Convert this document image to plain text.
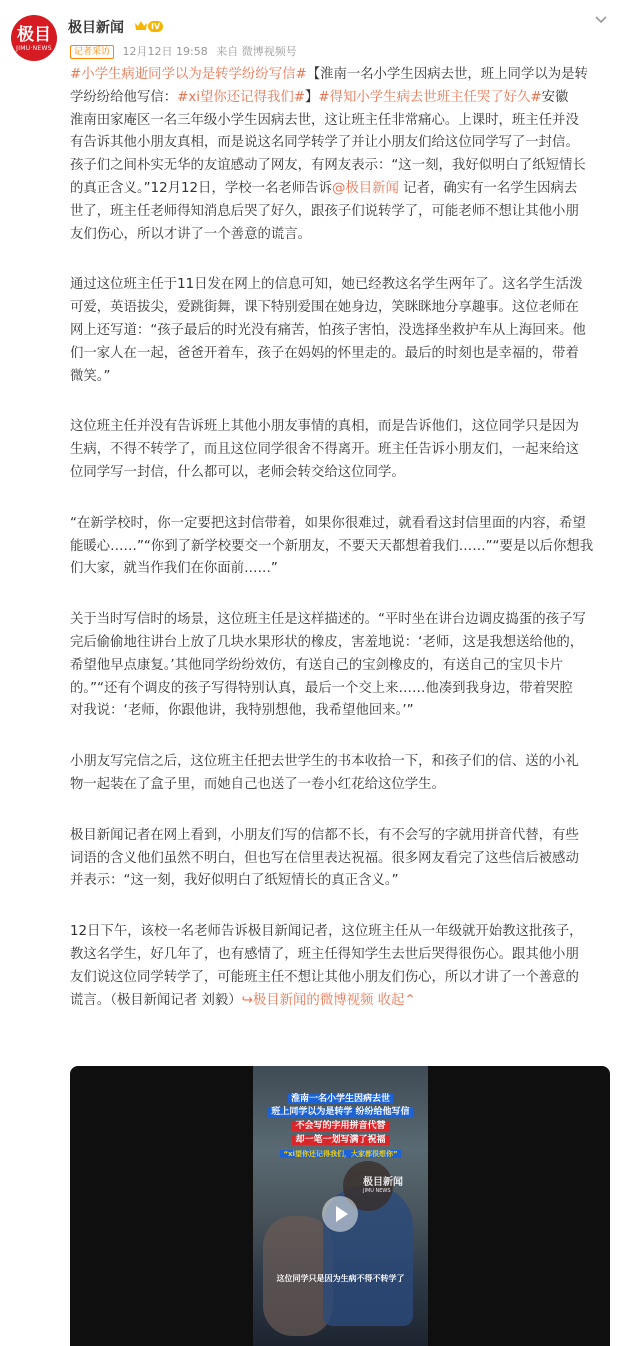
极目
JIMU·NEWS
极目新闻	IV
记者采访 12月12日 19:58 来自 微博视频号
#小学生病逝同学以为是转学纷纷写信#【淮南一名小学生因病去世，班上同学以为是转
学纷纷给他写信：#xi望你还记得我们#】#得知小学生病去世班主任哭了好久#安徽
淮南田家庵区一名三年级小学生因病去世，这让班主任非常痛心。上课时，班主任并没
有告诉其他小朋友真相，而是说这名同学转学了并让小朋友们给这位同学写了一封信。
孩子们之间朴实无华的友谊感动了网友，有网友表示：“这一刻，我好似明白了纸短情长
的真正含义。”12月12日，学校一名老师告诉@极目新闻 记者，确实有一名学生因病去
世了，班主任老师得知消息后哭了好久，跟孩子们说转学了，可能老师不想让其他小朋
友们伤心，所以才讲了一个善意的谎言。
通过这位班主任于11日发在网上的信息可知，她已经教这名学生两年了。这名学生活泼
可爱，英语拔尖，爱跳街舞，课下特别爱围在她身边，笑眯眯地分享趣事。这位老师在
网上还写道：“孩子最后的时光没有痛苦，怕孩子害怕，没选择坐救护车从上海回来。他
们一家人在一起，爸爸开着车，孩子在妈妈的怀里走的。最后的时刻也是幸福的，带着
微笑。”
这位班主任并没有告诉班上其他小朋友事情的真相，而是告诉他们，这位同学只是因为
生病，不得不转学了，而且这位同学很舍不得离开。班主任告诉小朋友们，一起来给这
位同学写一封信，什么都可以，老师会转交给这位同学。
“在新学校时，你一定要把这封信带着，如果你很难过，就看看这封信里面的内容，希望
能暖心……”“你到了新学校要交一个新朋友，不要天天都想着我们……”“要是以后你想我
们大家，就当作我们在你面前……”
关于当时写信时的场景，这位班主任是这样描述的。“平时坐在讲台边调皮捣蛋的孩子写
完后偷偷地往讲台上放了几块水果形状的橡皮，害羞地说：‘老师，这是我想送给他的，
希望他早点康复。’其他同学纷纷效仿，有送自己的宝剑橡皮的，有送自己的宝贝卡片
的。”“还有个调皮的孩子写得特别认真，最后一个交上来……他凑到我身边，带着哭腔
对我说：‘老师，你跟他讲，我特别想他，我希望他回来。’”
小朋友写完信之后，这位班主任把去世学生的书本收拾一下，和孩子们的信、送的小礼
物一起装在了盒子里，而她自己也送了一卷小红花给这位学生。
极目新闻记者在网上看到，小朋友们写的信都不长，有不会写的字就用拼音代替，有些
词语的含义他们虽然不明白，但也写在信里表达祝福。很多网友看完了这些信后被感动
并表示：“这一刻，我好似明白了纸短情长的真正含义。”
12日下午，该校一名老师告诉极目新闻记者，这位班主任从一年级就开始教这批孩子，
教这名学生，好几年了，也有感情了，班主任得知学生去世后哭得很伤心。跟其他小朋
友们说这位同学转学了，可能班主任不想让其他小朋友们伤心，所以才讲了一个善意的
谎言。（极目新闻记者 刘毅）↪极目新闻的微博视频 收起⌃
淮南一名小学生因病去世
班上同学以为是转学 纷纷给他写信
不会写的字用拼音代替
却一笔一划写满了祝福
“xi望你还记得我们，大家都很想你”
极目新闻
JIMU NEWS
这位同学只是因为生病不得不转学了
